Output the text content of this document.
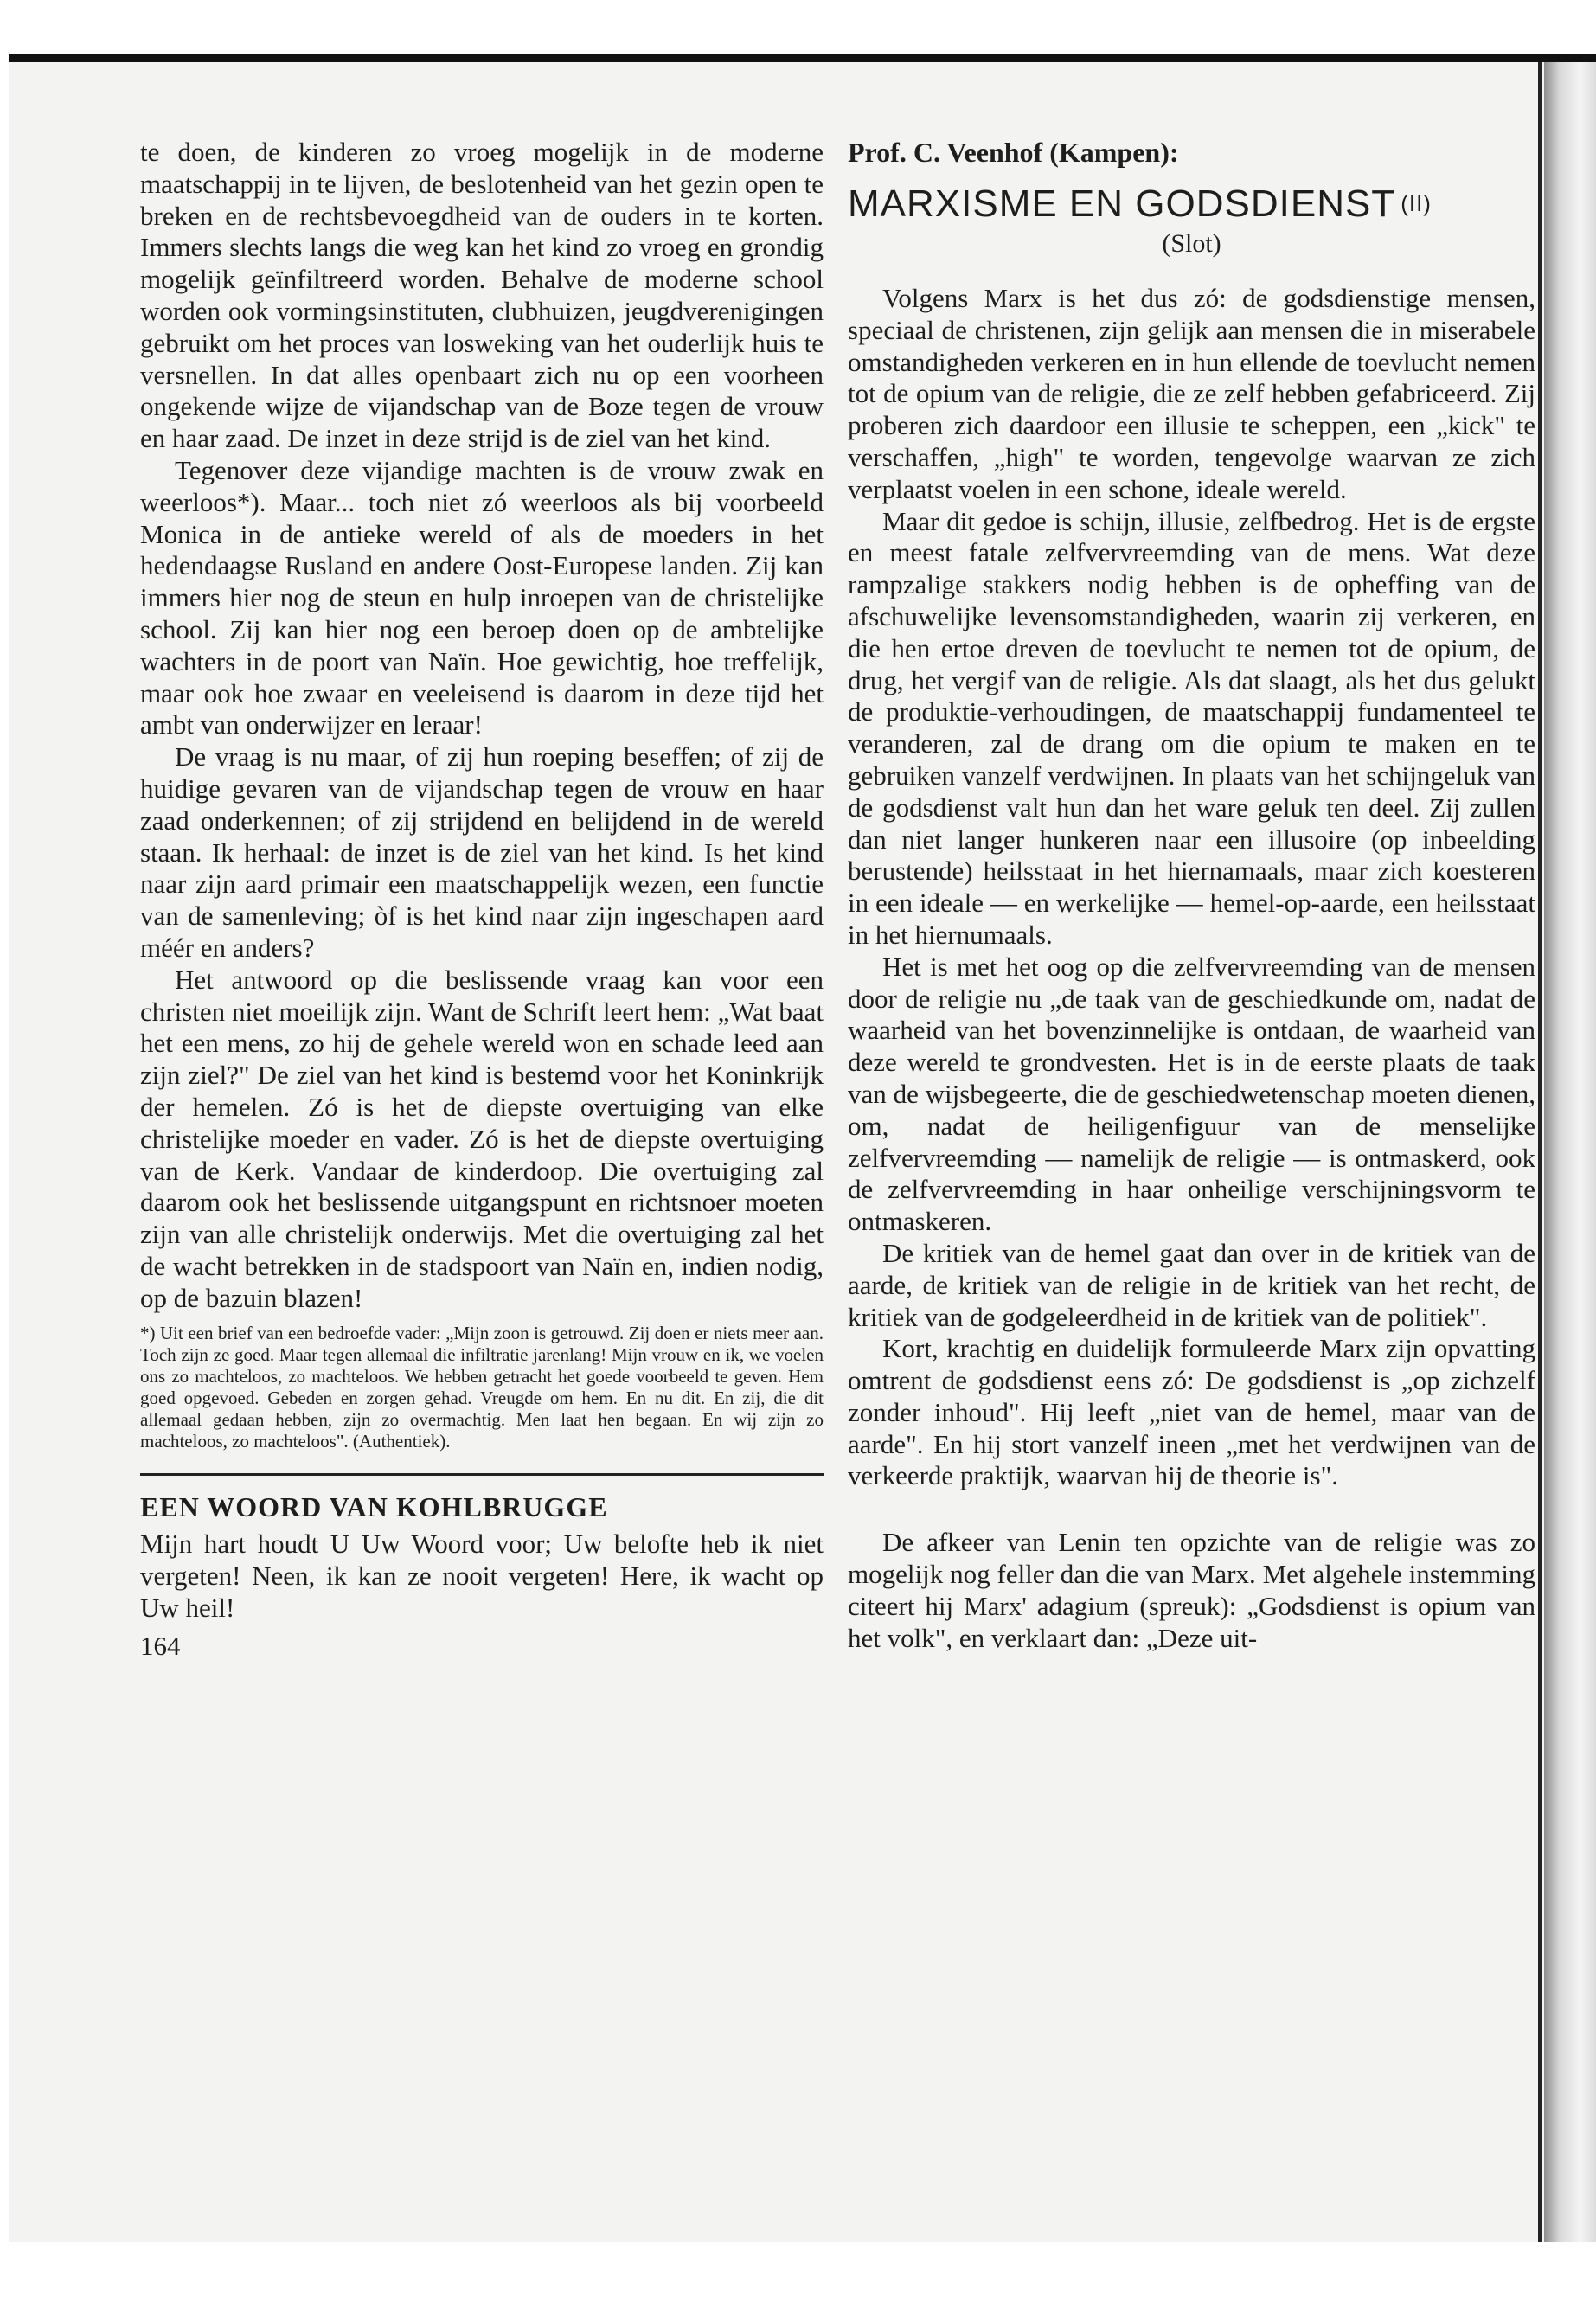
te doen, de kinderen zo vroeg mogelijk in de moderne maatschappij in te lijven, de beslotenheid van het gezin open te breken en de rechtsbevoegdheid van de ouders in te korten. Immers slechts langs die weg kan het kind zo vroeg en grondig mogelijk geïnfiltreerd worden. Behalve de moderne school worden ook vormingsinstituten, clubhuizen, jeugdverenigingen gebruikt om het proces van losweking van het ouderlijk huis te versnellen. In dat alles openbaart zich nu op een voorheen ongekende wijze de vijandschap van de Boze tegen de vrouw en haar zaad. De inzet in deze strijd is de ziel van het kind.

Tegenover deze vijandige machten is de vrouw zwak en weerloos*). Maar... toch niet zó weerloos als bij voorbeeld Monica in de antieke wereld of als de moeders in het hedendaagse Rusland en andere Oost-Europese landen. Zij kan immers hier nog de steun en hulp inroepen van de christelijke school. Zij kan hier nog een beroep doen op de ambtelijke wachters in de poort van Naïn. Hoe gewichtig, hoe treffelijk, maar ook hoe zwaar en veeleisend is daarom in deze tijd het ambt van onderwijzer en leraar!

De vraag is nu maar, of zij hun roeping beseffen; of zij de huidige gevaren van de vijandschap tegen de vrouw en haar zaad onderkennen; of zij strijdend en belijdend in de wereld staan. Ik herhaal: de inzet is de ziel van het kind. Is het kind naar zijn aard primair een maatschappelijk wezen, een functie van de samenleving; òf is het kind naar zijn ingeschapen aard méér en anders?

Het antwoord op die beslissende vraag kan voor een christen niet moeilijk zijn. Want de Schrift leert hem: „Wat baat het een mens, zo hij de gehele wereld won en schade leed aan zijn ziel?" De ziel van het kind is bestemd voor het Koninkrijk der hemelen. Zó is het de diepste overtuiging van elke christelijke moeder en vader. Zó is het de diepste overtuiging van de Kerk. Vandaar de kinderdoop. Die overtuiging zal daarom ook het beslissende uitgangspunt en richtsnoer moeten zijn van alle christelijk onderwijs. Met die overtuiging zal het de wacht betrekken in de stadspoort van Naïn en, indien nodig, op de bazuin blazen!

*) Uit een brief van een bedroefde vader: „Mijn zoon is getrouwd. Zij doen er niets meer aan. Toch zijn ze goed. Maar tegen allemaal die infiltratie jarenlang! Mijn vrouw en ik, we voelen ons zo machteloos, zo machteloos. We hebben getracht het goede voorbeeld te geven. Hem goed opgevoed. Gebeden en zorgen gehad. Vreugde om hem. En nu dit. En zij, die dit allemaal gedaan hebben, zijn zo overmachtig. Men laat hen begaan. En wij zijn zo machteloos, zo machteloos". (Authentiek).
EEN WOORD VAN KOHLBRUGGE

Mijn hart houdt U Uw Woord voor; Uw belofte heb ik niet vergeten! Neen, ik kan ze nooit vergeten! Here, ik wacht op Uw heil!

164
Prof. C. Veenhof (Kampen):
MARXISME EN GODSDIENST (II)
(Slot)

Volgens Marx is het dus zó: de godsdienstige mensen, speciaal de christenen, zijn gelijk aan mensen die in miserabele omstandigheden verkeren en in hun ellende de toevlucht nemen tot de opium van de religie, die ze zelf hebben gefabriceerd. Zij proberen zich daardoor een illusie te scheppen, een „kick" te verschaffen, „high" te worden, tengevolge waarvan ze zich verplaatst voelen in een schone, ideale wereld.

Maar dit gedoe is schijn, illusie, zelfbedrog. Het is de ergste en meest fatale zelfvervreemding van de mens. Wat deze rampzalige stakkers nodig hebben is de opheffing van de afschuwelijke levensomstandigheden, waarin zij verkeren, en die hen ertoe dreven de toevlucht te nemen tot de opium, de drug, het vergif van de religie. Als dat slaagt, als het dus gelukt de produktie-verhoudingen, de maatschappij fundamenteel te veranderen, zal de drang om die opium te maken en te gebruiken vanzelf verdwijnen. In plaats van het schijngeluk van de godsdienst valt hun dan het ware geluk ten deel. Zij zullen dan niet langer hunkeren naar een illusoire (op inbeelding berustende) heilsstaat in het hiernamaals, maar zich koesteren in een ideale — en werkelijke — hemel-op-aarde, een heilsstaat in het hiernumaals.

Het is met het oog op die zelfvervreemding van de mensen door de religie nu „de taak van de geschiedkunde om, nadat de waarheid van het bovenzinnelijke is ontdaan, de waarheid van deze wereld te grondvesten. Het is in de eerste plaats de taak van de wijsbegeerte, die de geschiedwetenschap moeten dienen, om, nadat de heiligenfiguur van de menselijke zelfvervreemding — namelijk de religie — is ontmaskerd, ook de zelfvervreemding in haar onheilige verschijningsvorm te ontmaskeren.

De kritiek van de hemel gaat dan over in de kritiek van de aarde, de kritiek van de religie in de kritiek van het recht, de kritiek van de godgeleerdheid in de kritiek van de politiek".

Kort, krachtig en duidelijk formuleerde Marx zijn opvatting omtrent de godsdienst eens zó: De godsdienst is „op zichzelf zonder inhoud". Hij leeft „niet van de hemel, maar van de aarde". En hij stort vanzelf ineen „met het verdwijnen van de verkeerde praktijk, waarvan hij de theorie is".

De afkeer van Lenin ten opzichte van de religie was zo mogelijk nog feller dan die van Marx. Met algehele instemming citeert hij Marx' adagium (spreuk): „Godsdienst is opium van het volk", en verklaart dan: „Deze uit-
